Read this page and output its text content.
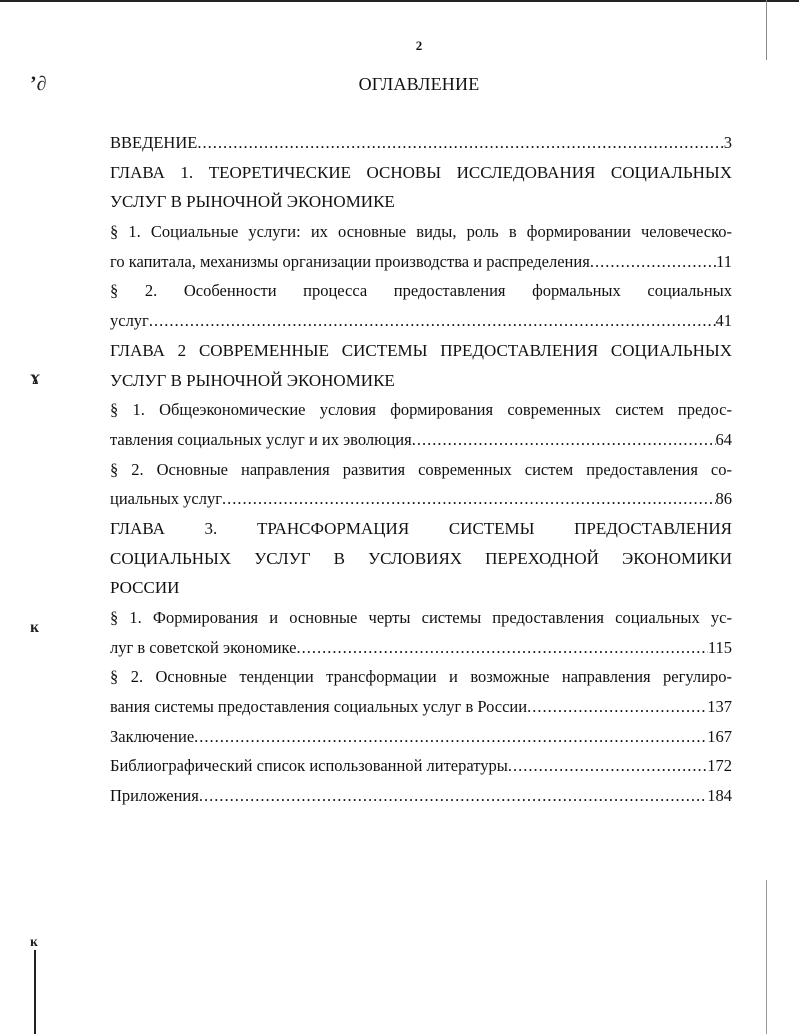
ʼ∂
ɤ
ĸ
ĸ
2
ОГЛАВЛЕНИЕ
ВВЕДЕНИЕ .....	3
ГЛАВА 1. ТЕОРЕТИЧЕСКИЕ ОСНОВЫ ИССЛЕДОВАНИЯ СОЦИАЛЬНЫХ
УСЛУГ В РЫНОЧНОЙ ЭКОНОМИКЕ
§ 1. Социальные услуги: их основные виды, роль в формировании человеческо-
го капитала, механизмы организации производства и распределения .....	11
§ 2. Особенности процесса предоставления формальных социальных
услуг .....	41
ГЛАВА 2 СОВРЕМЕННЫЕ СИСТЕМЫ ПРЕДОСТАВЛЕНИЯ СОЦИАЛЬНЫХ
УСЛУГ В РЫНОЧНОЙ ЭКОНОМИКЕ
§ 1. Общеэкономические условия формирования современных систем предос-
тавления социальных услуг и их эволюция .....	64
§ 2. Основные направления развития современных систем предоставления со-
циальных услуг .....	86
ГЛАВА 3. ТРАНСФОРМАЦИЯ СИСТЕМЫ ПРЕДОСТАВЛЕНИЯ
СОЦИАЛЬНЫХ УСЛУГ В УСЛОВИЯХ ПЕРЕХОДНОЙ ЭКОНОМИКИ
РОССИИ
§ 1. Формирования и основные черты системы предоставления социальных ус-
луг в советской экономике .....	115
§ 2. Основные тенденции трансформации и возможные направления регулиро-
вания системы предоставления социальных услуг в России .....	137
Заключение .....	167
Библиографический список использованной литературы .....	172
Приложения .....	184
